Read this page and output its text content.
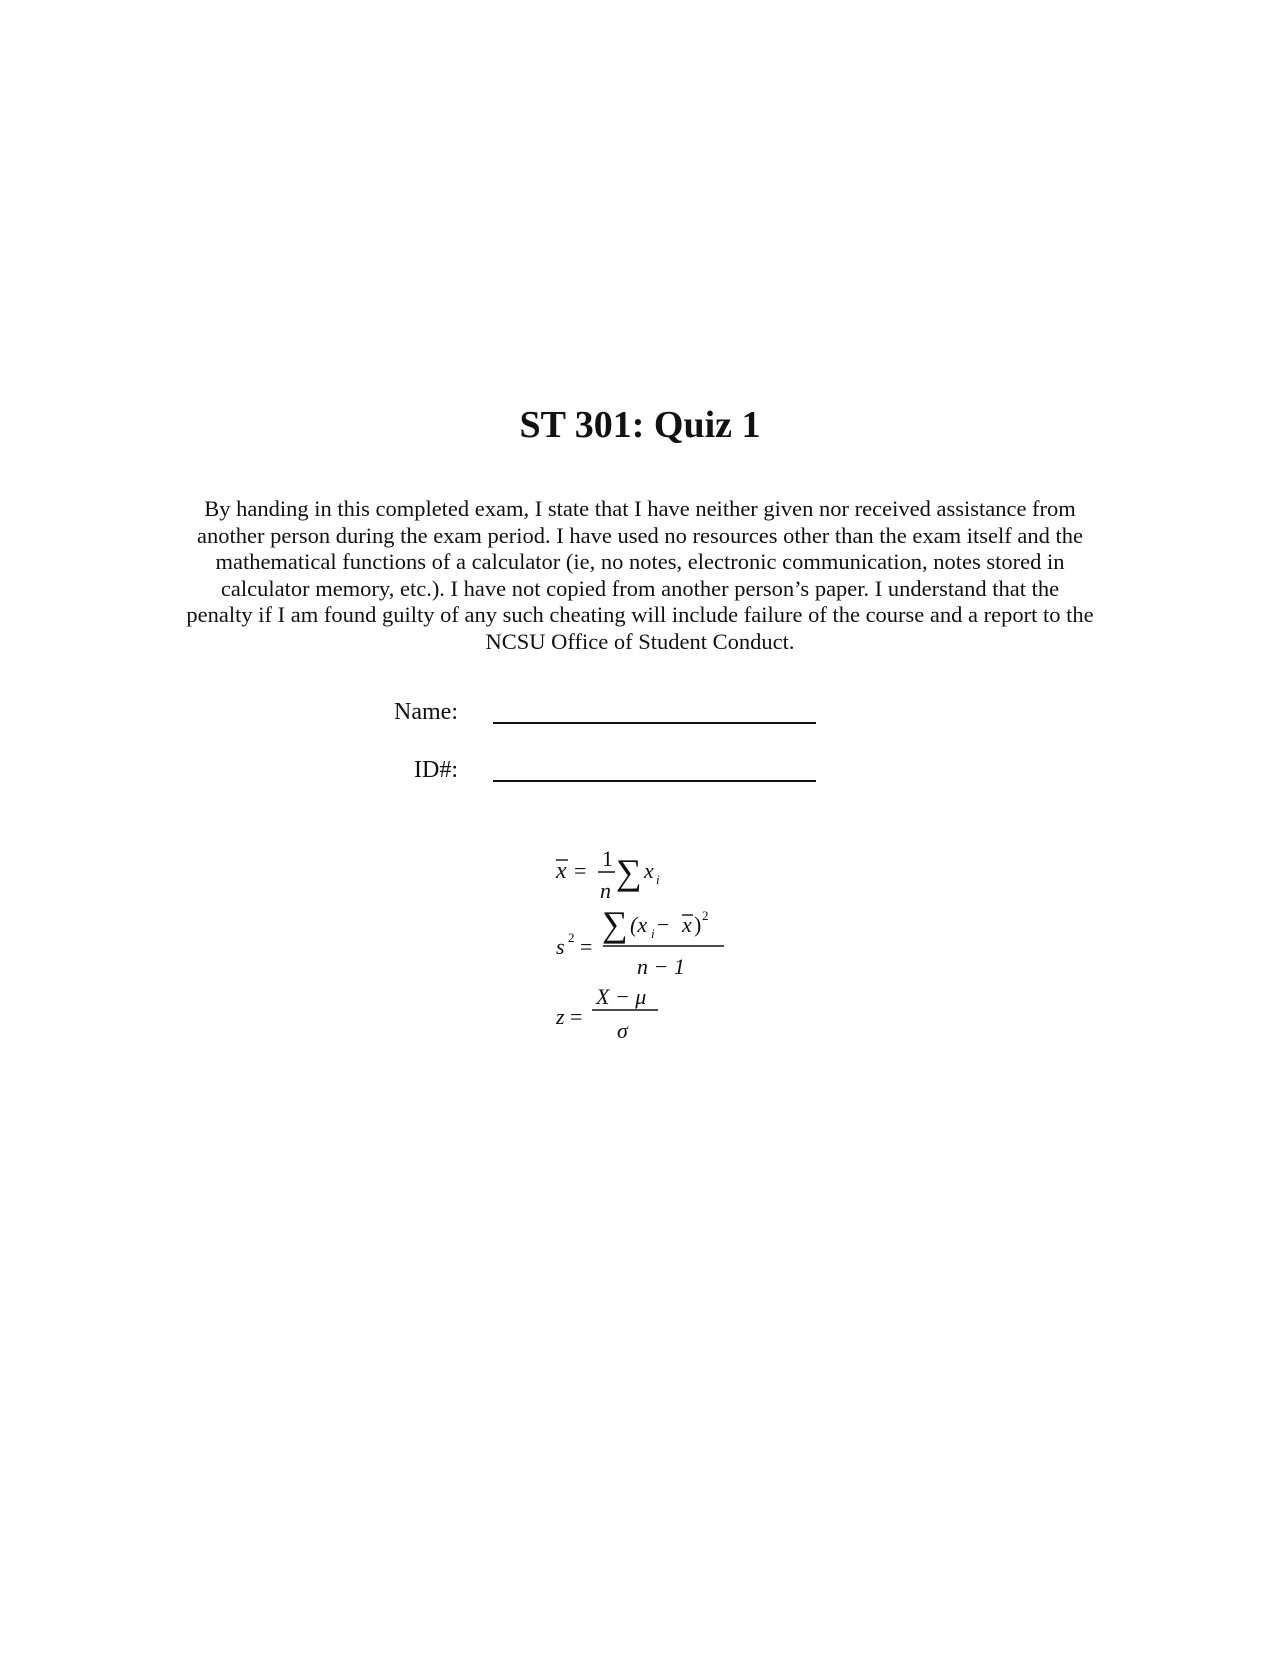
ST 301: Quiz 1

By handing in this completed exam, I state that I have neither given nor received assistance from another person during the exam period. I have used no resources other than the exam itself and the mathematical functions of a calculator (ie, no notes, electronic communication, notes stored in calculator memory, etc.). I have not copied from another person’s paper. I understand that the penalty if I am found guilty of any such cheating will include failure of the course and a report to the NCSU Office of Student Conduct.

Name:
ID#:
x = 1
n ∑ x i
s 2 =
∑ (x i − x ) 2
n − 1
z =
X − μ
σ
